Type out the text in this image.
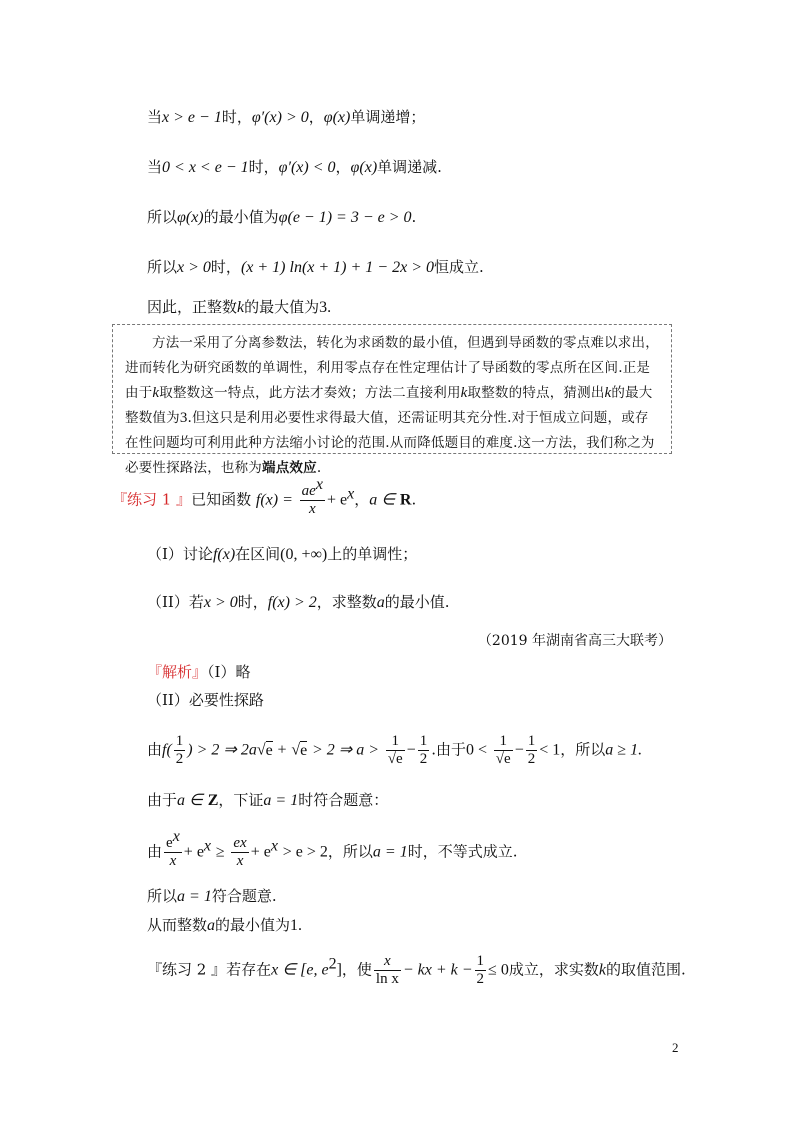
当x > e − 1时，φ′(x) > 0，φ(x)单调递增；
当0 < x < e − 1时，φ′(x) < 0，φ(x)单调递减.
所以φ(x)的最小值为φ(e − 1) = 3 − e > 0.
所以x > 0时，(x + 1) ln(x + 1) + 1 − 2x > 0恒成立.
因此，正整数k的最大值为3.

方法一采用了分离参数法，转化为求函数的最小值，但遇到导函数的零点难以求出，进而转化为研究函数的单调性，利用零点存在性定理估计了导函数的零点所在区间.正是由于k取整数这一特点，此方法才奏效；方法二直接利用k取整数的特点，猜测出k的最大整数值为3.但这只是利用必要性求得最大值，还需证明其充分性.对于恒成立问题，或存在性问题均可利用此种方法缩小讨论的范围.从而降低题目的难度.这一方法，我们称之为必要性探路法，也称为端点效应.

『练习 1 』已知函数 $f(x) = \frac{ae^x}{x} + e^x$，a ∈ R.
（I）讨论f(x)在区间(0, +∞)上的单调性；
（II）若x > 0时，f(x) > 2，求整数a的最小值.
（2019 年湖南省高三大联考）
『解析』（I）略
（II）必要性探路
由$f( \frac{1}{2}$ ) > 2 ⇒ 2a√e + √e > 2 ⇒ $a > \frac{1}{√e} - \frac{1}{2}$ .由于$0 < \frac{1}{√e} - \frac{1}{2} < 1$，所以a ≥ 1.
由于a ∈ Z，下证a = 1时符合题意：
由 $\frac{e^x}{x} + e^x \ge \frac{ex}{x} + e^x > e > 2$，所以a = 1时，不等式成立.
所以a = 1符合题意.
从而整数a的最小值为1.
『练习 2 』若存在x ∈ [e, $e^2$]，使 $\frac{x}{\text{ln x}}$ − kx + $k - \frac{1}{2} \le 0$成立，求实数k的取值范围.
2
